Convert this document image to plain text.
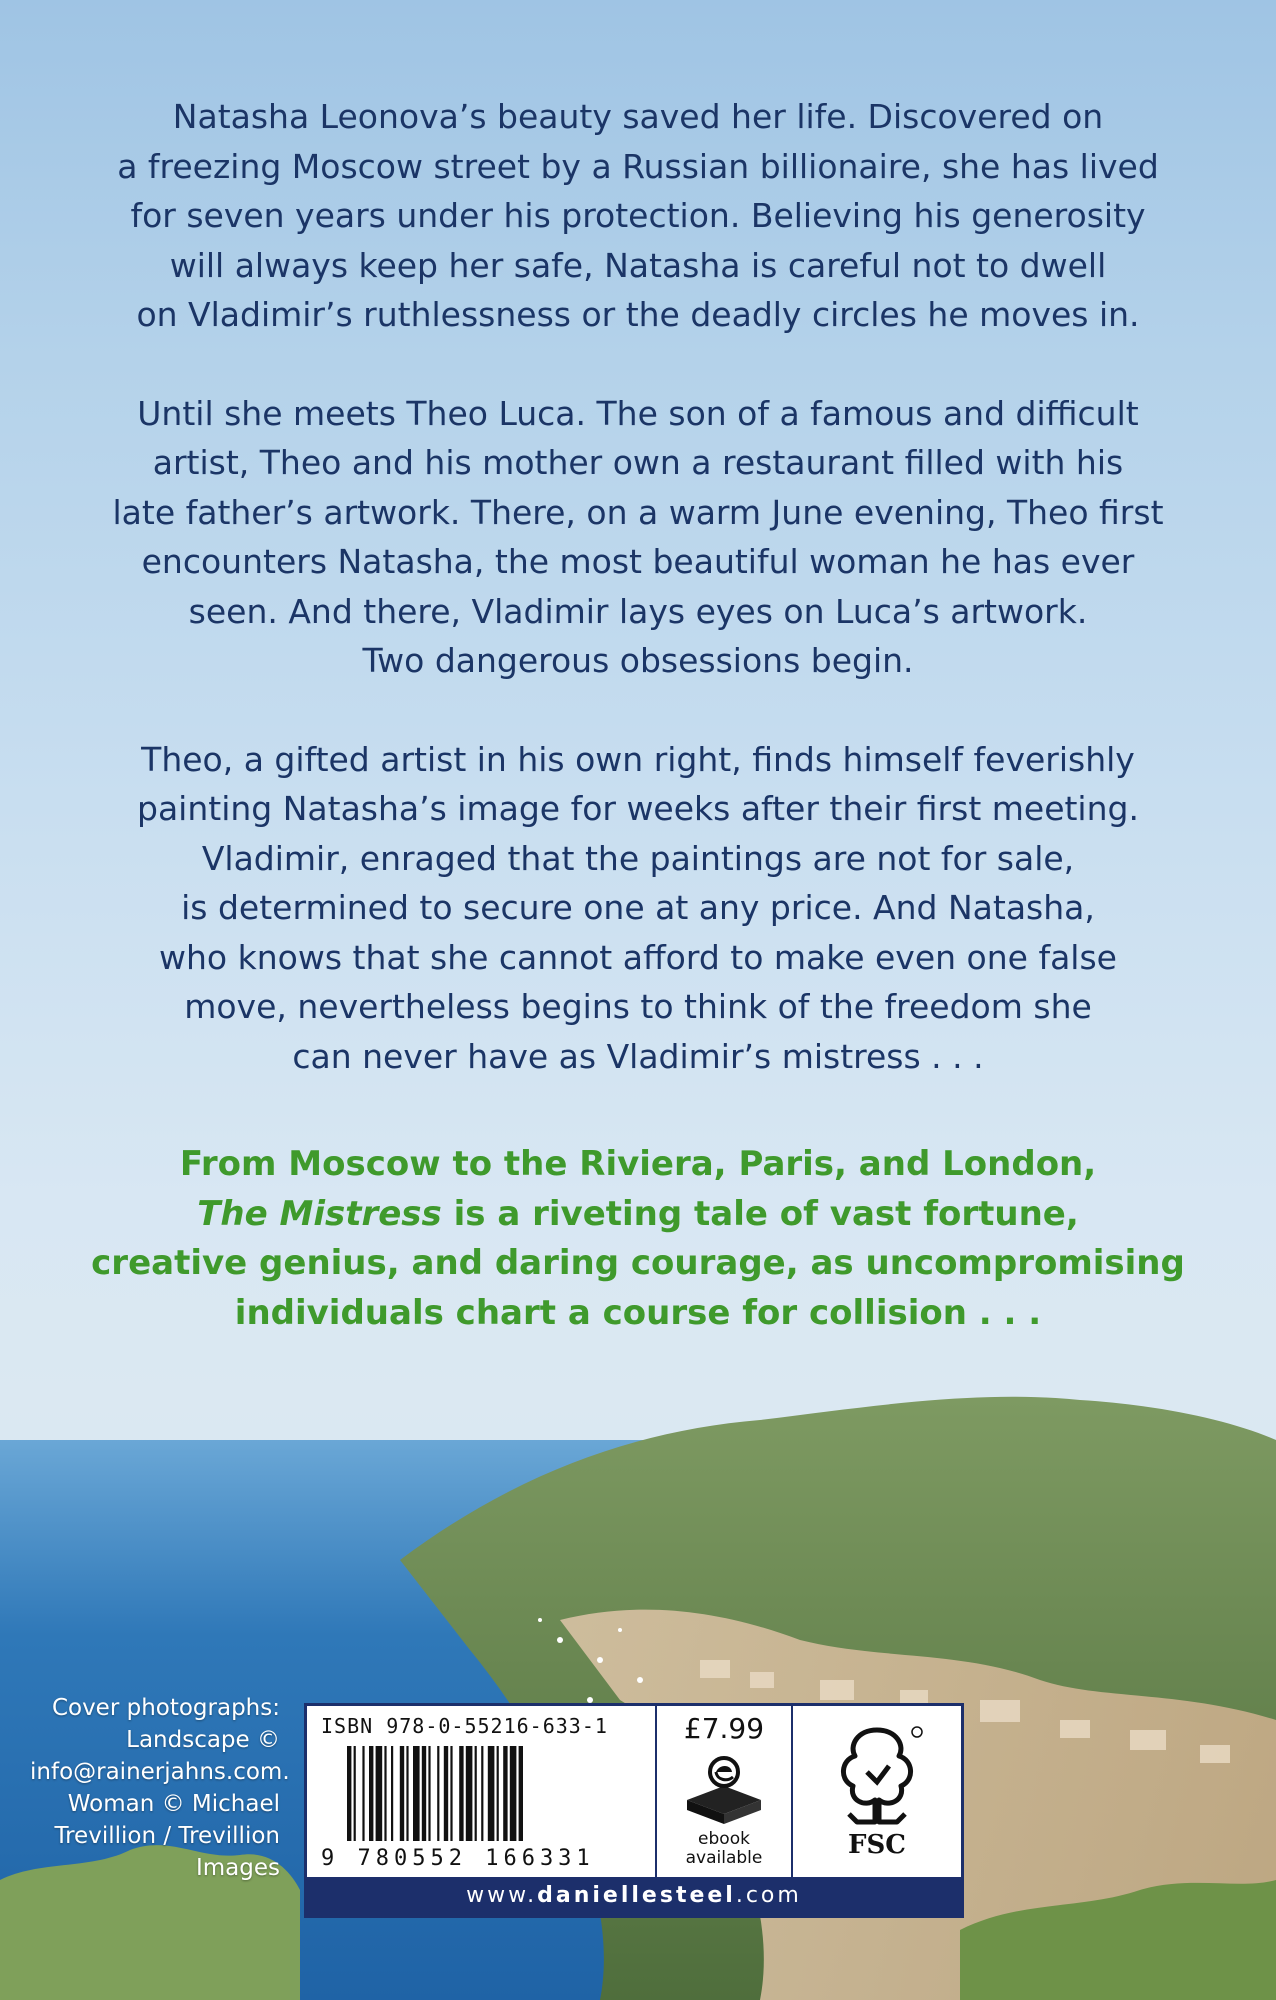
Natasha Leonova’s beauty saved her life. Discovered on
a freezing Moscow street by a Russian billionaire, she has lived
for seven years under his protection. Believing his generosity
will always keep her safe, Natasha is careful not to dwell
on Vladimir’s ruthlessness or the deadly circles he moves in.

Until she meets Theo Luca. The son of a famous and difficult
artist, Theo and his mother own a restaurant filled with his
late father’s artwork. There, on a warm June evening, Theo first
encounters Natasha, the most beautiful woman he has ever
seen. And there, Vladimir lays eyes on Luca’s artwork.
Two dangerous obsessions begin.

Theo, a gifted artist in his own right, finds himself feverishly
painting Natasha’s image for weeks after their first meeting.
Vladimir, enraged that the paintings are not for sale,
is determined to secure one at any price. And Natasha,
who knows that she cannot afford to make even one false
move, nevertheless begins to think of the freedom she
can never have as Vladimir’s mistress . . .

From Moscow to the Riviera, Paris, and London,
The Mistress is a riveting tale of vast fortune,
creative genius, and daring courage, as uncompromising
individuals chart a course for collision . . .
Cover photographs:
Landscape ©
info@rainerjahns.com.
Woman © Michael
Trevillion / Trevillion
Images
ISBN 978-0-55216-633-1
9 780552 166331
£7.99
ebook
available	FSC
www.daniellesteel.com
